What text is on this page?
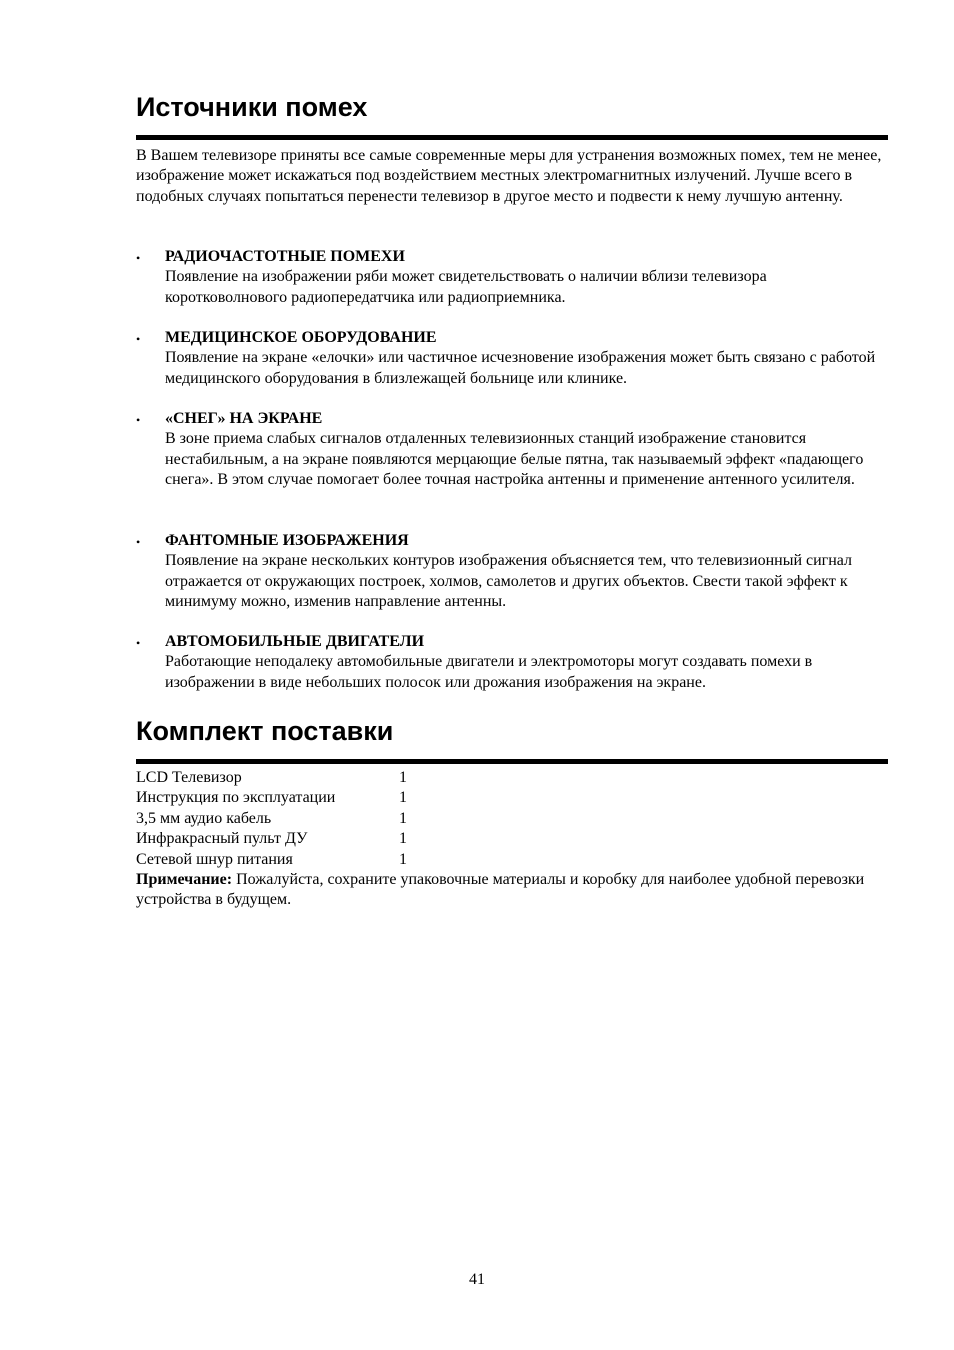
Источники помех

В Вашем телевизоре приняты все самые современные меры для устранения возможных помех, тем не менее, изображение может искажаться под воздействием местных электромагнитных излучений. Лучше всего в подобных случаях попытаться перенести телевизор в другое место и подвести к нему лучшую антенну.

•	РАДИОЧАСТОТНЫЕ ПОМЕХИ
Появление на изображении ряби может свидетельствовать о наличии вблизи телевизора коротковолнового радиопередатчика или радиоприемника.
•	МЕДИЦИНСКОЕ ОБОРУДОВАНИЕ
Появление на экране «елочки» или частичное исчезновение изображения может быть связано с работой медицинского оборудования в близлежащей больнице или клинике.
•	«СНЕГ» НА ЭКРАНЕ
В зоне приема слабых сигналов отдаленных телевизионных станций изображение становится нестабильным, а на экране появляются мерцающие белые пятна, так называемый эффект «падающего снега». В этом случае помогает более точная настройка антенны и применение антенного усилителя.
•	ФАНТОМНЫЕ ИЗОБРАЖЕНИЯ
Появление на экране нескольких контуров изображения объясняется тем, что телевизионный сигнал отражается от окружающих построек, холмов, самолетов и других объектов. Свести такой эффект к минимуму можно, изменив направление антенны.
•	АВТОМОБИЛЬНЫЕ ДВИГАТЕЛИ
Работающие неподалеку автомобильные двигатели и электромоторы могут создавать помехи в изображении в виде небольших полосок или дрожания изображения на экране.
Комплект поставки
LCD Телевизор	1
Инструкция по эксплуатации	1
3,5 мм аудио кабель	1
Инфракрасный пульт ДУ	1
Сетевой шнур питания	1
Примечание: Пожалуйста, сохраните упаковочные материалы и коробку для наиболее удобной перевозки устройства в будущем.
41
